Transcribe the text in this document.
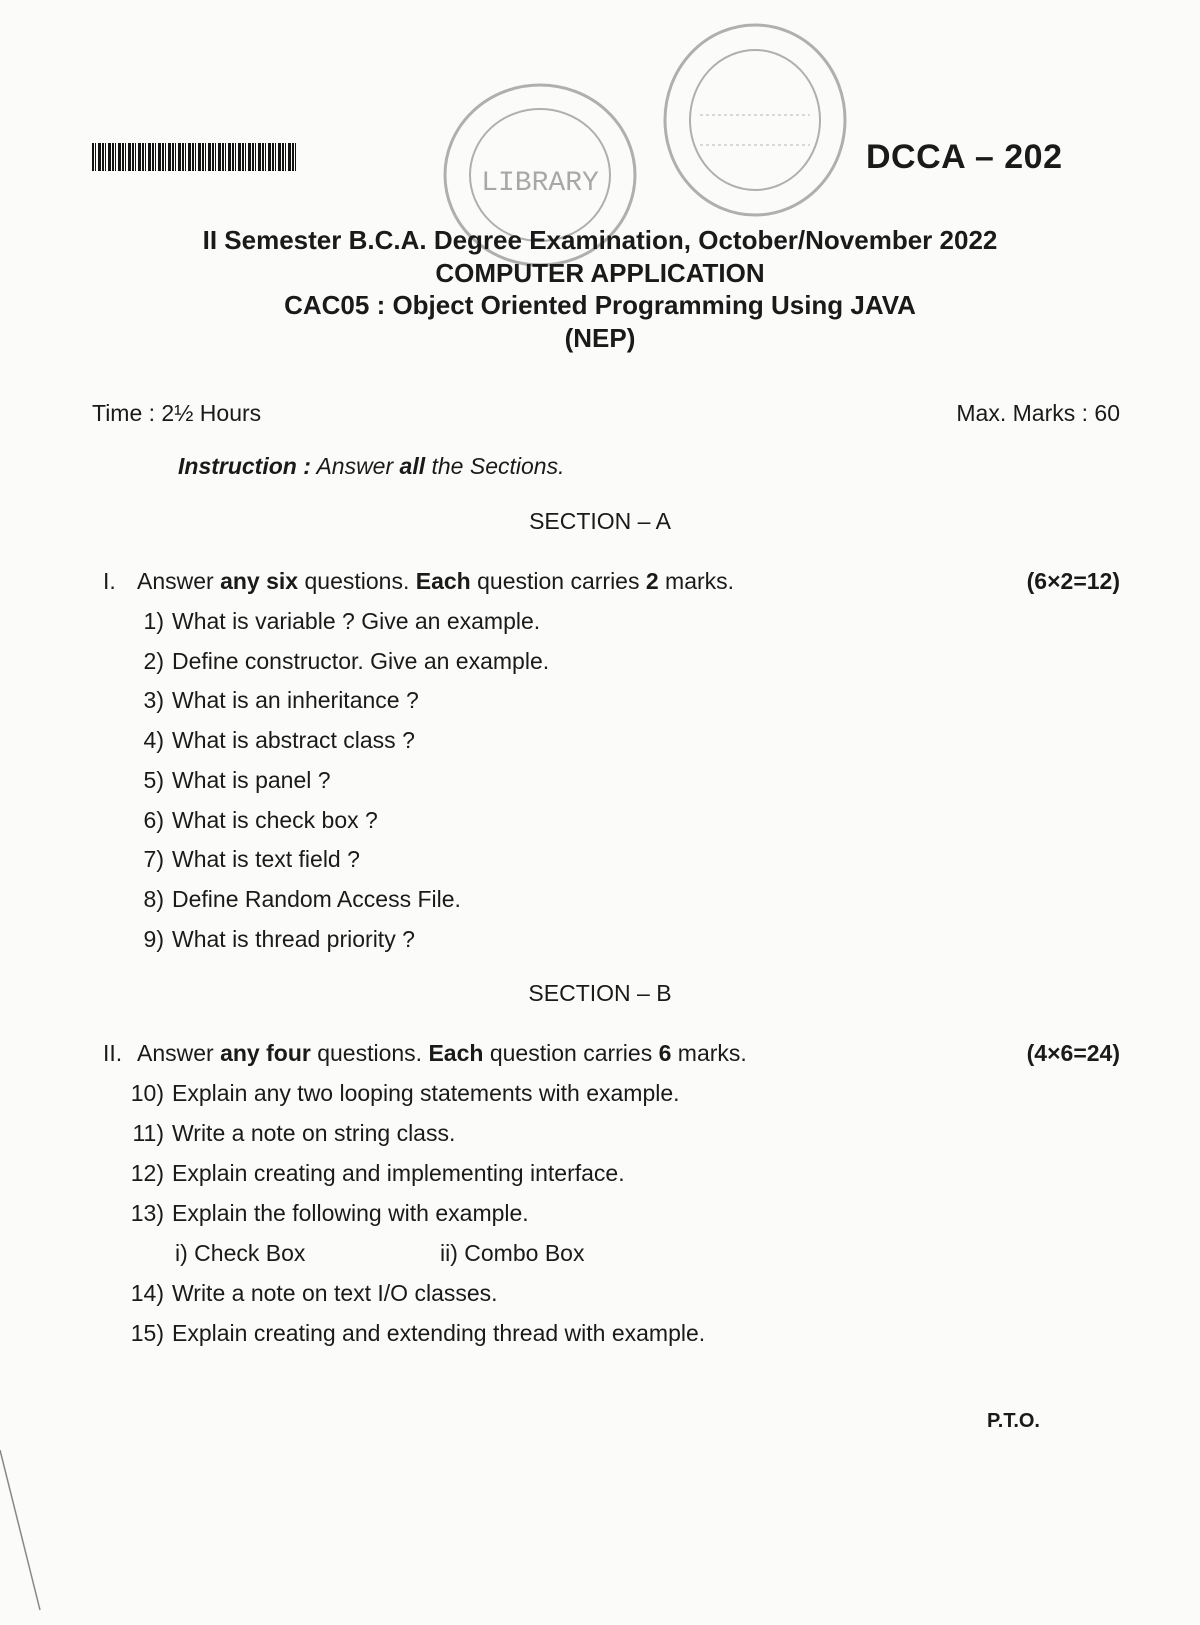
LIBRARY
DCCA – 202
II Semester B.C.A. Degree Examination, October/November 2022
COMPUTER APPLICATION
CAC05 : Object Oriented Programming Using JAVA
(NEP)
Time : 2½ Hours	Max. Marks : 60
Instruction : Answer all the Sections.
SECTION – A
I. Answer any six questions. Each question carries 2 marks.	(6×2=12)
1) What is variable ? Give an example.
2) Define constructor. Give an example.
3) What is an inheritance ?
4) What is abstract class ?
5) What is panel ?
6) What is check box ?
7) What is text field ?
8) Define Random Access File.
9) What is thread priority ?
SECTION – B
II. Answer any four questions. Each question carries 6 marks.	(4×6=24)
10) Explain any two looping statements with example.
11) Write a note on string class.
12) Explain creating and implementing interface.
13) Explain the following with example.
14) Write a note on text I/O classes.
15) Explain creating and extending thread with example.
i) Check Box	ii) Combo Box
P.T.O.
